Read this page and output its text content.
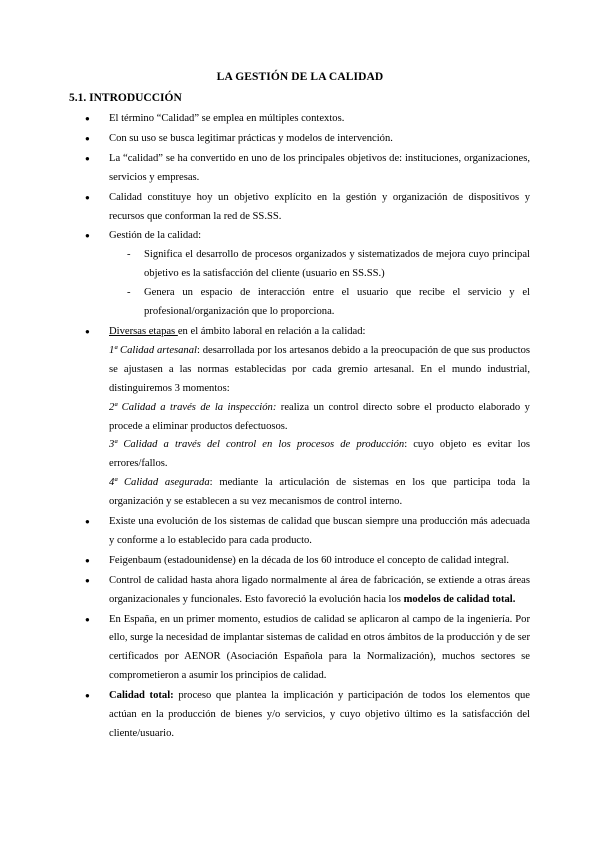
LA GESTIÓN DE LA CALIDAD
5.1. INTRODUCCIÓN
● El término “Calidad” se emplea en múltiples contextos.
● Con su uso se busca legitimar prácticas y modelos de intervención.
● La “calidad” se ha convertido en uno de los principales objetivos de: instituciones, organizaciones, servicios y empresas.
● Calidad constituye hoy un objetivo explícito en la gestión y organización de dispositivos y recursos que conforman la red de SS.SS.
● Gestión de la calidad:
- Significa el desarrollo de procesos organizados y sistematizados de mejora cuyo principal objetivo es la satisfacción del cliente (usuario en SS.SS.)
- Genera un espacio de interacción entre el usuario que recibe el servicio y el profesional/organización que lo proporciona.
● Diversas etapas en el ámbito laboral en relación a la calidad:
1ª Calidad artesanal: desarrollada por los artesanos debido a la preocupación de que sus productos se ajustasen a las normas establecidas por cada gremio artesanal. En el mundo industrial, distinguiremos 3 momentos:
2ª Calidad a través de la inspección: realiza un control directo sobre el producto elaborado y procede a eliminar productos defectuosos.
3ª Calidad a través del control en los procesos de producción: cuyo objeto es evitar los errores/fallos.
4ª Calidad asegurada: mediante la articulación de sistemas en los que participa toda la organización y se establecen a su vez mecanismos de control interno.
● Existe una evolución de los sistemas de calidad que buscan siempre una producción más adecuada y conforme a lo establecido para cada producto.
● Feigenbaum (estadounidense) en la década de los 60 introduce el concepto de calidad integral.
● Control de calidad hasta ahora ligado normalmente al área de fabricación, se extiende a otras áreas organizacionales y funcionales. Esto favoreció la evolución hacia los modelos de calidad total.
● En España, en un primer momento, estudios de calidad se aplicaron al campo de la ingeniería. Por ello, surge la necesidad de implantar sistemas de calidad en otros ámbitos de la producción y de ser certificados por AENOR (Asociación Española para la Normalización), muchos sectores se comprometieron a asumir los principios de calidad.
● Calidad total: proceso que plantea la implicación y participación de todos los elementos que actúan en la producción de bienes y/o servicios, y cuyo objetivo último es la satisfacción del cliente/usuario.
